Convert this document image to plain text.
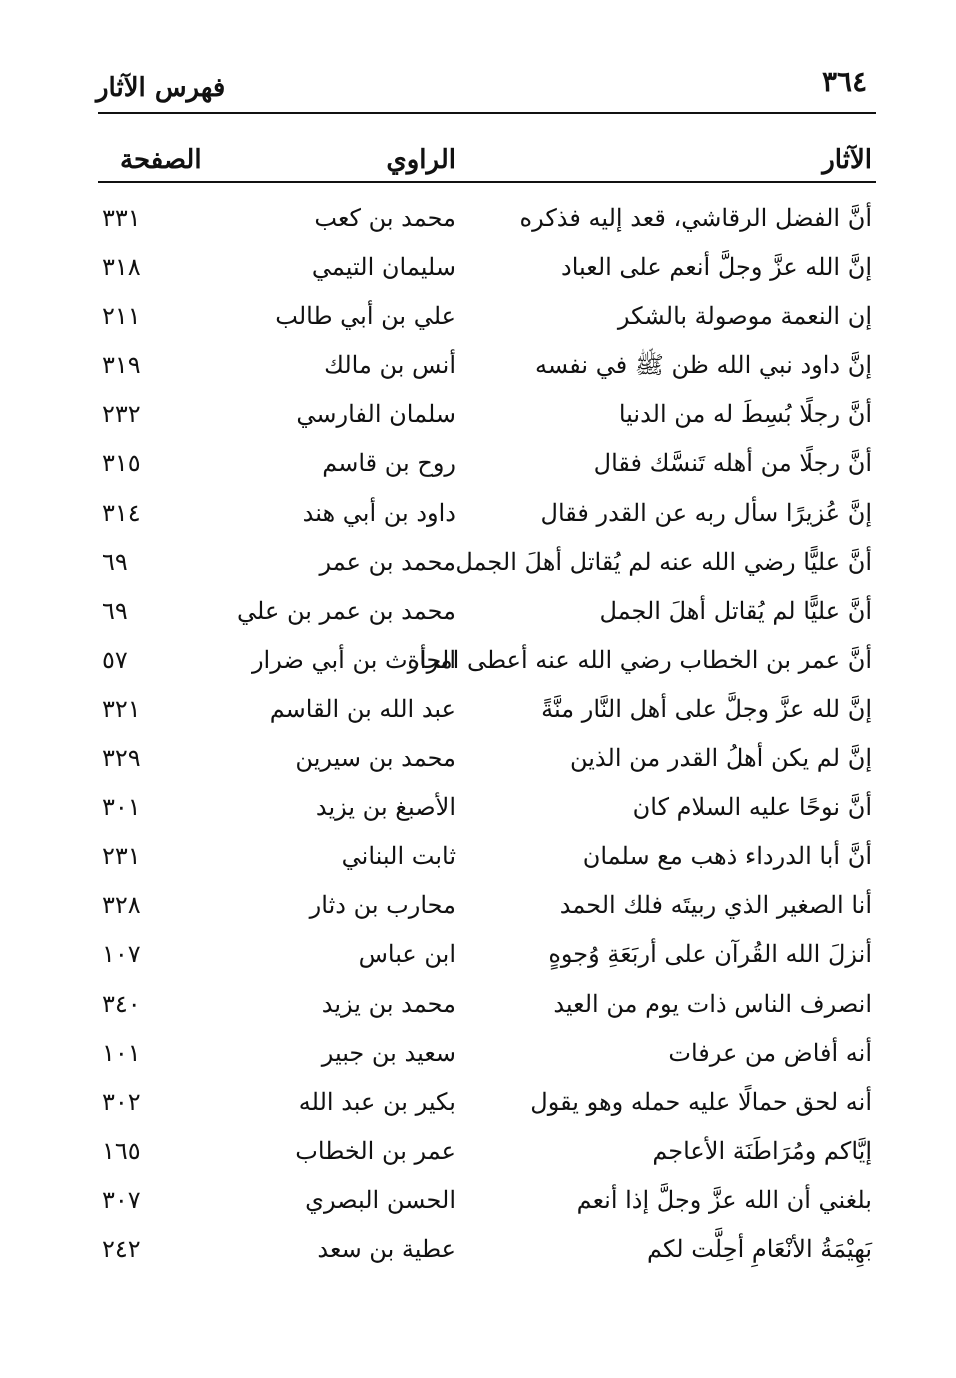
٣٦٤
فهرس الآثار
الآثار
الراوي
الصفحة
أنَّ الفضل الرقاشي، قعد إليه فذكره
محمد بن كعب
٣٣١
إنَّ الله عزَّ وجلَّ أنعم على العباد
سليمان التيمي
٣١٨
إن النعمة موصولة بالشكر
علي بن أبي طالب
٢١١
إنَّ داود نبي الله ظن ﷺ في نفسه
أنس بن مالك
٣١٩
أنَّ رجلًا بُسِطَ له من الدنيا
سلمان الفارسي
٢٣٢
أنَّ رجلًا من أهله تَنسَّك فقال
روح بن قاسم
٣١٥
إنَّ عُزيرًا سأل ربه عن القدر فقال
داود بن أبي هند
٣١٤
أنَّ عليًّا رضي الله عنه لم يُقاتل أهلَ الجمل
محمد بن عمر
٦٩
أنَّ عليًّا لم يُقاتل أهلَ الجمل
محمد بن عمر بن علي
٦٩
أنَّ عمر بن الخطاب رضي الله عنه أعطى امرأة
الحارث بن أبي ضرار
٥٧
إنَّ لله عزَّ وجلَّ على أهل النَّار منَّةً
عبد الله بن القاسم
٣٢١
إنَّ لم يكن أهلُ القدر من الذين
محمد بن سيرين
٣٢٩
أنَّ نوحًا عليه السلام كان
الأصبغ بن يزيد
٣٠١
أنَّ أبا الدرداء ذهب مع سلمان
ثابت البناني
٢٣١
أنا الصغير الذي ربيتَه فلك الحمد
محارب بن دثار
٣٢٨
أنزلَ الله القُرآن على أربَعَةِ وُجوهٍ
ابن عباس
١٠٧
انصرف الناس ذات يوم من العيد
محمد بن يزيد
٣٤٠
أنه أفاض من عرفات
سعيد بن جبير
١٠١
أنه لحق حمالًا عليه حمله وهو يقول
بكير بن عبد الله
٣٠٢
إيَّاكم ومُرَاطَنَة الأعاجم
عمر بن الخطاب
١٦٥
بلغني أن الله عزَّ وجلَّ إذا أنعم
الحسن البصري
٣٠٧
بَهِيْمَةُ الأنْعَامِ أحِلَّت لكم
عطية بن سعد
٢٤٢
